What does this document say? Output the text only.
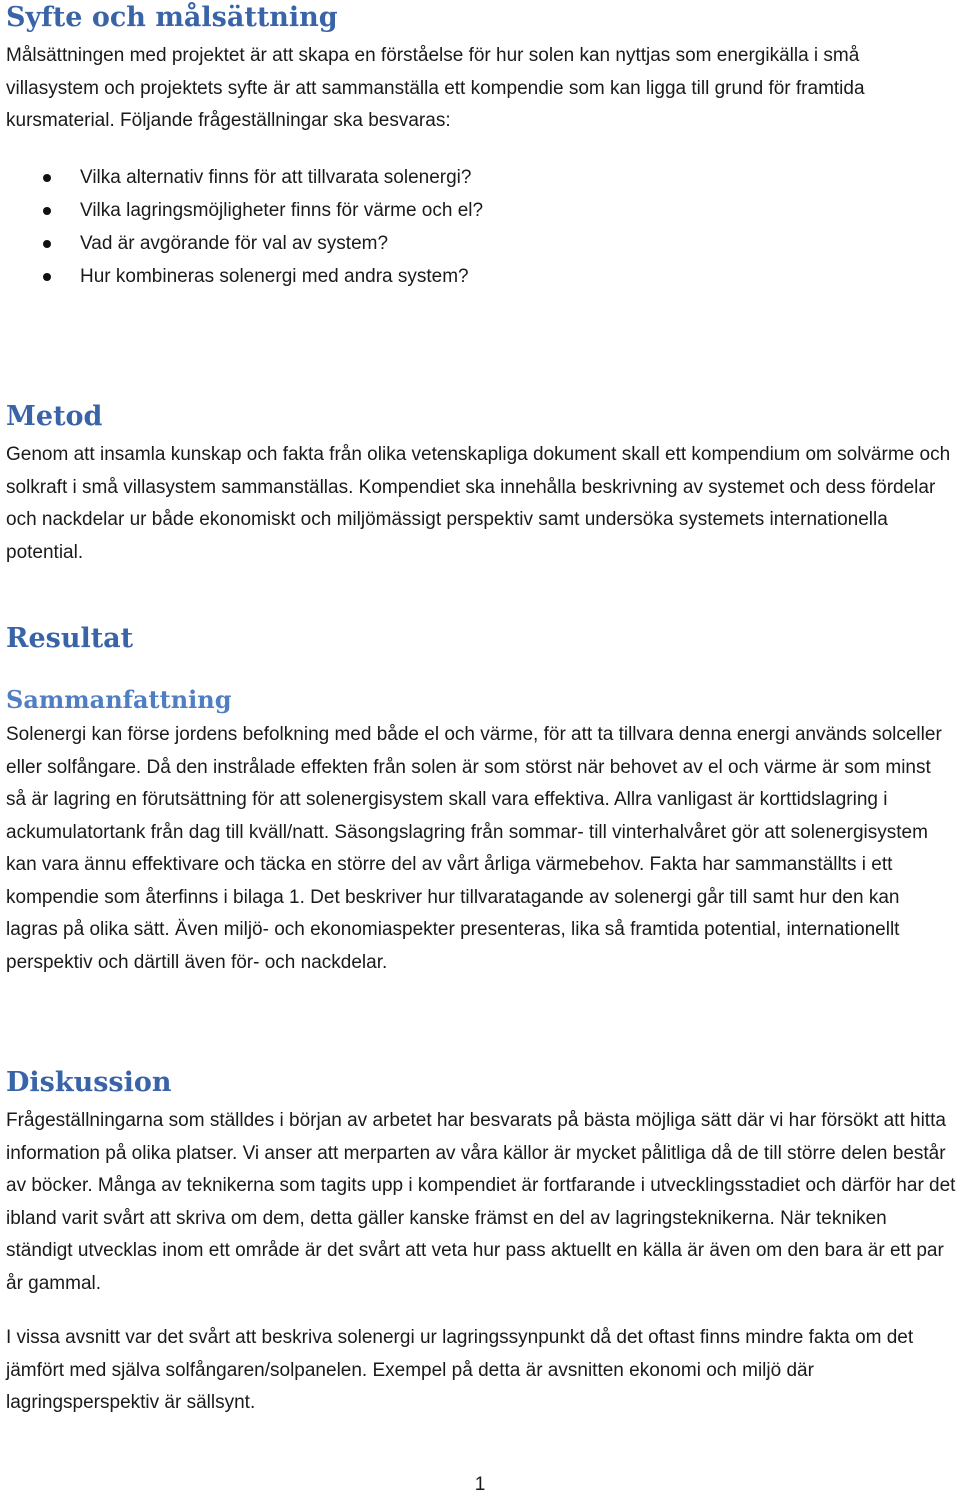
Syfte och målsättning

Målsättningen med projektet är att skapa en förståelse för hur solen kan nyttjas som energikälla i små villasystem och projektets syfte är att sammanställa ett kompendie som kan ligga till grund för framtida kursmaterial. Följande frågeställningar ska besvaras:

Vilka alternativ finns för att tillvarata solenergi?
Vilka lagringsmöjligheter finns för värme och el?
Vad är avgörande för val av system?
Hur kombineras solenergi med andra system?
Metod

Genom att insamla kunskap och fakta från olika vetenskapliga dokument skall ett kompendium om solvärme och solkraft i små villasystem sammanställas. Kompendiet ska innehålla beskrivning av systemet och dess fördelar och nackdelar ur både ekonomiskt och miljömässigt perspektiv samt undersöka systemets internationella potential.

Resultat
Sammanfattning

Solenergi kan förse jordens befolkning med både el och värme, för att ta tillvara denna energi används solceller eller solfångare. Då den instrålade effekten från solen är som störst när behovet av el och värme är som minst så är lagring en förutsättning för att solenergisystem skall vara effektiva. Allra vanligast är korttidslagring i ackumulatortank från dag till kväll/natt. Säsongslagring från sommar- till vinterhalvåret gör att solenergisystem kan vara ännu effektivare och täcka en större del av vårt årliga värmebehov. Fakta har sammanställts i ett kompendie som återfinns i bilaga 1. Det beskriver hur tillvaratagande av solenergi går till samt hur den kan lagras på olika sätt. Även miljö- och ekonomiaspekter presenteras, lika så framtida potential, internationellt perspektiv och därtill även för- och nackdelar.

Diskussion

Frågeställningarna som ställdes i början av arbetet har besvarats på bästa möjliga sätt där vi har försökt att hitta information på olika platser. Vi anser att merparten av våra källor är mycket pålitliga då de till större delen består av böcker. Många av teknikerna som tagits upp i kompendiet är fortfarande i utvecklingsstadiet och därför har det ibland varit svårt att skriva om dem, detta gäller kanske främst en del av lagringsteknikerna. När tekniken ständigt utvecklas inom ett område är det svårt att veta hur pass aktuellt en källa är även om den bara är ett par år gammal.

I vissa avsnitt var det svårt att beskriva solenergi ur lagringssynpunkt då det oftast finns mindre fakta om det jämfört med själva solfångaren/solpanelen. Exempel på detta är avsnitten ekonomi och miljö där lagringsperspektiv är sällsynt.

1
